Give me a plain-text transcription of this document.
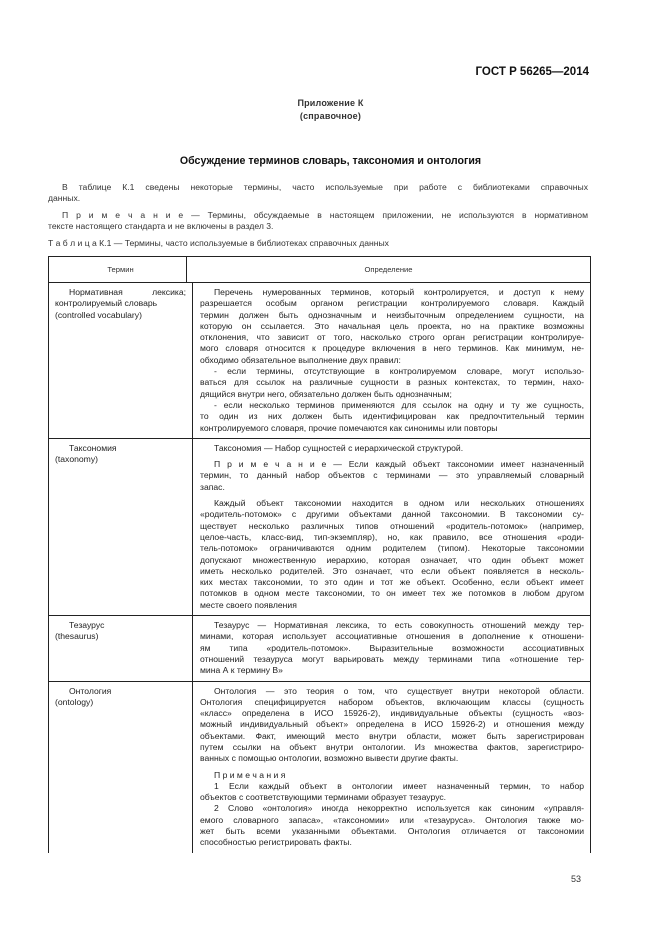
ГОСТ Р 56265—2014
Приложение К
(справочное)
Обсуждение терминов словарь, таксономия и онтология
В таблице К.1 сведены некоторые термины, часто используемые при работе с библиотеками справочных
данных.
П р и м е ч а н и е — Термины, обсуждаемые в настоящем приложении, не используются в нормативном
тексте настоящего стандарта и не включены в раздел 3.
Т а б л и ц а К.1 — Термины, часто используемые в библиотеках справочных данных
Термин	Определение
Нормативная лексика;
контролируемый словарь
(controlled vocabulary)
Перечень нумерованных терминов, который контролируется, и доступ к нему
разрешается особым органом регистрации контролируемого словаря. Каждый
термин должен быть однозначным и неизбыточным определением сущности, на
которую он ссылается. Это начальная цель проекта, но на практике возможны
отклонения, что зависит от того, насколько строго орган регистрации контролируе-
мого словаря относится к процедуре включения в него терминов. Как минимум, не-
обходимо обязательное выполнение двух правил:
- если термины, отсутствующие в контролируемом словаре, могут использо-
ваться для ссылок на различные сущности в разных контекстах, то термин, нахо-
дящийся внутри него, обязательно должен быть однозначным;
- если несколько терминов применяются для ссылок на одну и ту же сущность,
то один из них должен быть идентифицирован как предпочтительный термин
контролируемого словаря, прочие помечаются как синонимы или повторы
Таксономия
(taxonomy)
Таксономия — Набор сущностей с иерархической структурой.
П р и м е ч а н и е — Если каждый объект таксономии имеет назначенный
термин, то данный набор объектов с терминами — это управляемый словарный
запас.
Каждый объект таксономии находится в одном или нескольких отношениях
«родитель-потомок» с другими объектами данной таксономии. В таксономии су-
ществует несколько различных типов отношений «родитель-потомок» (например,
целое-часть, класс-вид, тип-экземпляр), но, как правило, все отношения «роди-
тель-потомок» ограничиваются одним родителем (типом). Некоторые таксономии
допускают множественную иерархию, которая означает, что один объект может
иметь несколько родителей. Это означает, что если объект появляется в несколь-
ких местах таксономии, то это один и тот же объект. Особенно, если объект имеет
потомков в одном месте таксономии, то он имеет тех же потомков в любом другом
месте своего появления
Тезаурус
(thesaurus)
Тезаурус — Нормативная лексика, то есть совокупность отношений между тер-
минами, которая использует ассоциативные отношения в дополнение к отношени-
ям типа «родитель-потомок». Выразительные возможности ассоциативных
отношений тезауруса могут варьировать между терминами типа «отношение тер-
мина А к термину В»
Онтология
(ontology)
Онтология — это теория о том, что существует внутри некоторой области.
Онтология специфицируется набором объектов, включающим классы (сущность
«класс» определена в ИСО 15926-2), индивидуальные объекты (сущность «воз-
можный индивидуальный объект» определена в ИСО 15926-2) и отношения между
объектами. Факт, имеющий место внутри области, может быть зарегистрирован
путем ссылки на объект внутри онтологии. Из множества фактов, зарегистриро-
ванных с помощью онтологии, возможно вывести другие факты.
П р и м е ч а н и я
1 Если каждый объект в онтологии имеет назначенный термин, то набор
объектов с соответствующими терминами образует тезаурус.
2 Слово «онтология» иногда некорректно используется как синоним «управля-
емого словарного запаса», «таксономии» или «тезауруса». Онтология также мо-
жет быть всеми указанными объектами. Онтология отличается от таксономии
способностью регистрировать факты.
53
